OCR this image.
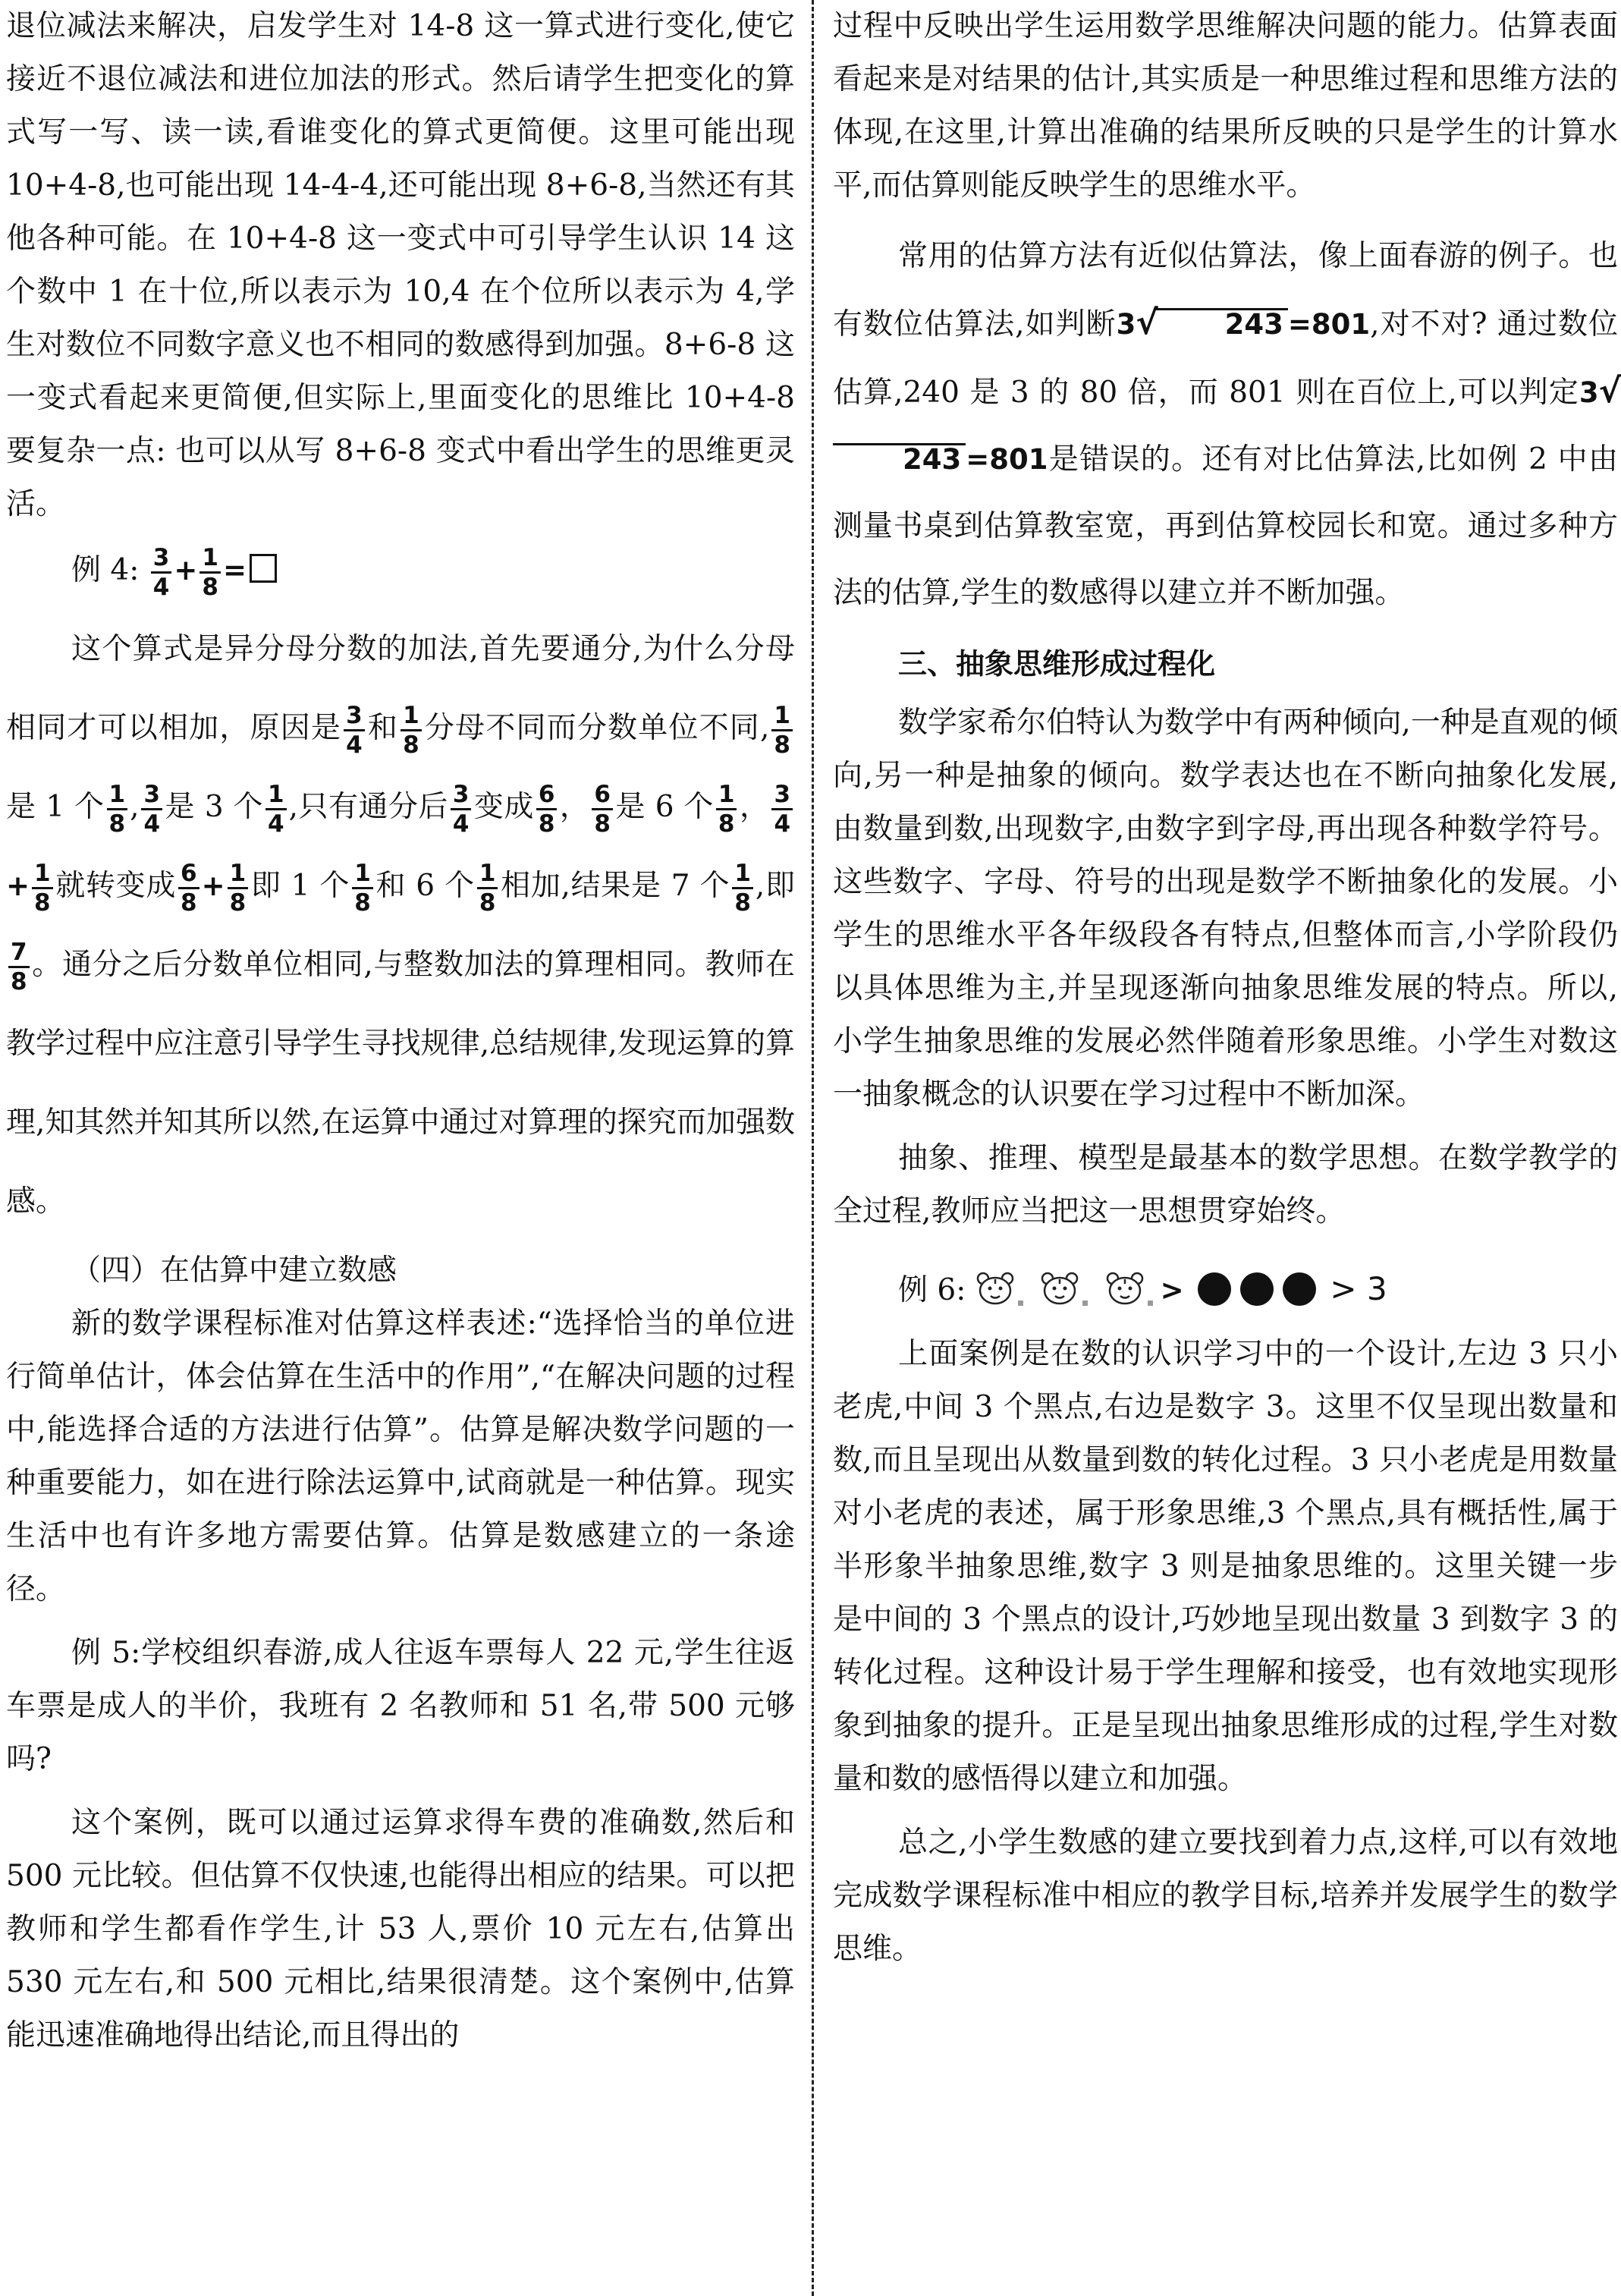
退位减法来解决，启发学生对 14-8 这一算式进行变化,使它接近不退位减法和进位加法的形式。然后请学生把变化的算式写一写、读一读,看谁变化的算式更简便。这里可能出现 10+4-8,也可能出现 14-4-4,还可能出现 8+6-8,当然还有其他各种可能。在 10+4-8 这一变式中可引导学生认识 14 这个数中 1 在十位,所以表示为 10,4 在个位所以表示为 4,学生对数位不同数字意义也不相同的数感得到加强。8+6-8 这一变式看起来更简便,但实际上,里面变化的思维比 10+4-8 要复杂一点: 也可以从写 8+6-8 变式中看出学生的思维更灵活。

例 4: $\frac{3}{4} + \frac{1}{8}$ =

这个算式是异分母分数的加法,首先要通分,为什么分母相同才可以相加，原因是 $\frac{3}{4}$ 和 $\frac{1}{8}$ 分母不同而分数单位不同, $\frac{1}{8}$
是 1 个 $\frac{1}{8}$ , $\frac{3}{4}$ 是 3 个 $\frac{1}{4}$ ,只有通分后 $\frac{3}{4}$ 变成 $\frac{6}{8}$ ， $\frac{6}{8}$ 是 6 个 $\frac{1}{8}$ ， $\frac{3}{4}$
+ $\frac{1}{8}$ 就转变成 $\frac{6}{8} + \frac{1}{8}$ 即 1 个 $\frac{1}{8}$ 和 6 个 $\frac{1}{8}$ 相加,结果是 7 个 $\frac{1}{8}$ ,即
$\frac{7}{8}$ 。通分之后分数单位相同,与整数加法的算理相同。教师在教学过程中应注意引导学生寻找规律,总结规律,发现运算的算理,知其然并知其所以然,在运算中通过对算理的探究而加强数感。

（四）在估算中建立数感

新的数学课程标准对估算这样表述:“选择恰当的单位进行简单估计，体会估算在生活中的作用”,“在解决问题的过程中,能选择合适的方法进行估算”。估算是解决数学问题的一种重要能力，如在进行除法运算中,试商就是一种估算。现实生活中也有许多地方需要估算。估算是数感建立的一条途径。

例 5:学校组织春游,成人往返车票每人 22 元,学生往返车票是成人的半价，我班有 2 名教师和 51 名,带 500 元够吗?

这个案例，既可以通过运算求得车费的准确数,然后和 500 元比较。但估算不仅快速,也能得出相应的结果。可以把教师和学生都看作学生,计 53 人,票价 10 元左右,估算出 530 元左右,和 500 元相比,结果很清楚。这个案例中,估算能迅速准确地得出结论,而且得出的

过程中反映出学生运用数学思维解决问题的能力。估算表面看起来是对结果的估计,其实质是一种思维过程和思维方法的体现,在这里,计算出准确的结果所反映的只是学生的计算水平,而估算则能反映学生的思维水平。

常用的估算方法有近似估算法，像上面春游的例子。也有数位估算法,如判断3√ 243 =801,对不对? 通过数位估算,240 是 3 的 80 倍，而 801 则在百位上,可以判定3√243 =801是错误的。还有对比估算法,比如例 2 中由测量书桌到估算教室宽，再到估算校园长和宽。通过多种方法的估算,学生的数感得以建立并不断加强。

三、抽象思维形成过程化

数学家希尔伯特认为数学中有两种倾向,一种是直观的倾向,另一种是抽象的倾向。数学表达也在不断向抽象化发展,由数量到数,出现数字,由数字到字母,再出现各种数学符号。这些数字、字母、符号的出现是数学不断抽象化的发展。小学生的思维水平各年级段各有特点,但整体而言,小学阶段仍以具体思维为主,并呈现逐渐向抽象思维发展的特点。所以,小学生抽象思维的发展必然伴随着形象思维。小学生对数这一抽象概念的认识要在学习过程中不断加深。

抽象、推理、模型是最基本的数学思想。在数学教学的全过程,教师应当把这一思想贯穿始终。

例 6:	>	> 3

上面案例是在数的认识学习中的一个设计,左边 3 只小老虎,中间 3 个黑点,右边是数字 3。这里不仅呈现出数量和数,而且呈现出从数量到数的转化过程。3 只小老虎是用数量对小老虎的表述，属于形象思维,3 个黑点,具有概括性,属于半形象半抽象思维,数字 3 则是抽象思维的。这里关键一步是中间的 3 个黑点的设计,巧妙地呈现出数量 3 到数字 3 的转化过程。这种设计易于学生理解和接受，也有效地实现形象到抽象的提升。正是呈现出抽象思维形成的过程,学生对数量和数的感悟得以建立和加强。

总之,小学生数感的建立要找到着力点,这样,可以有效地完成数学课程标准中相应的教学目标,培养并发展学生的数学思维。
